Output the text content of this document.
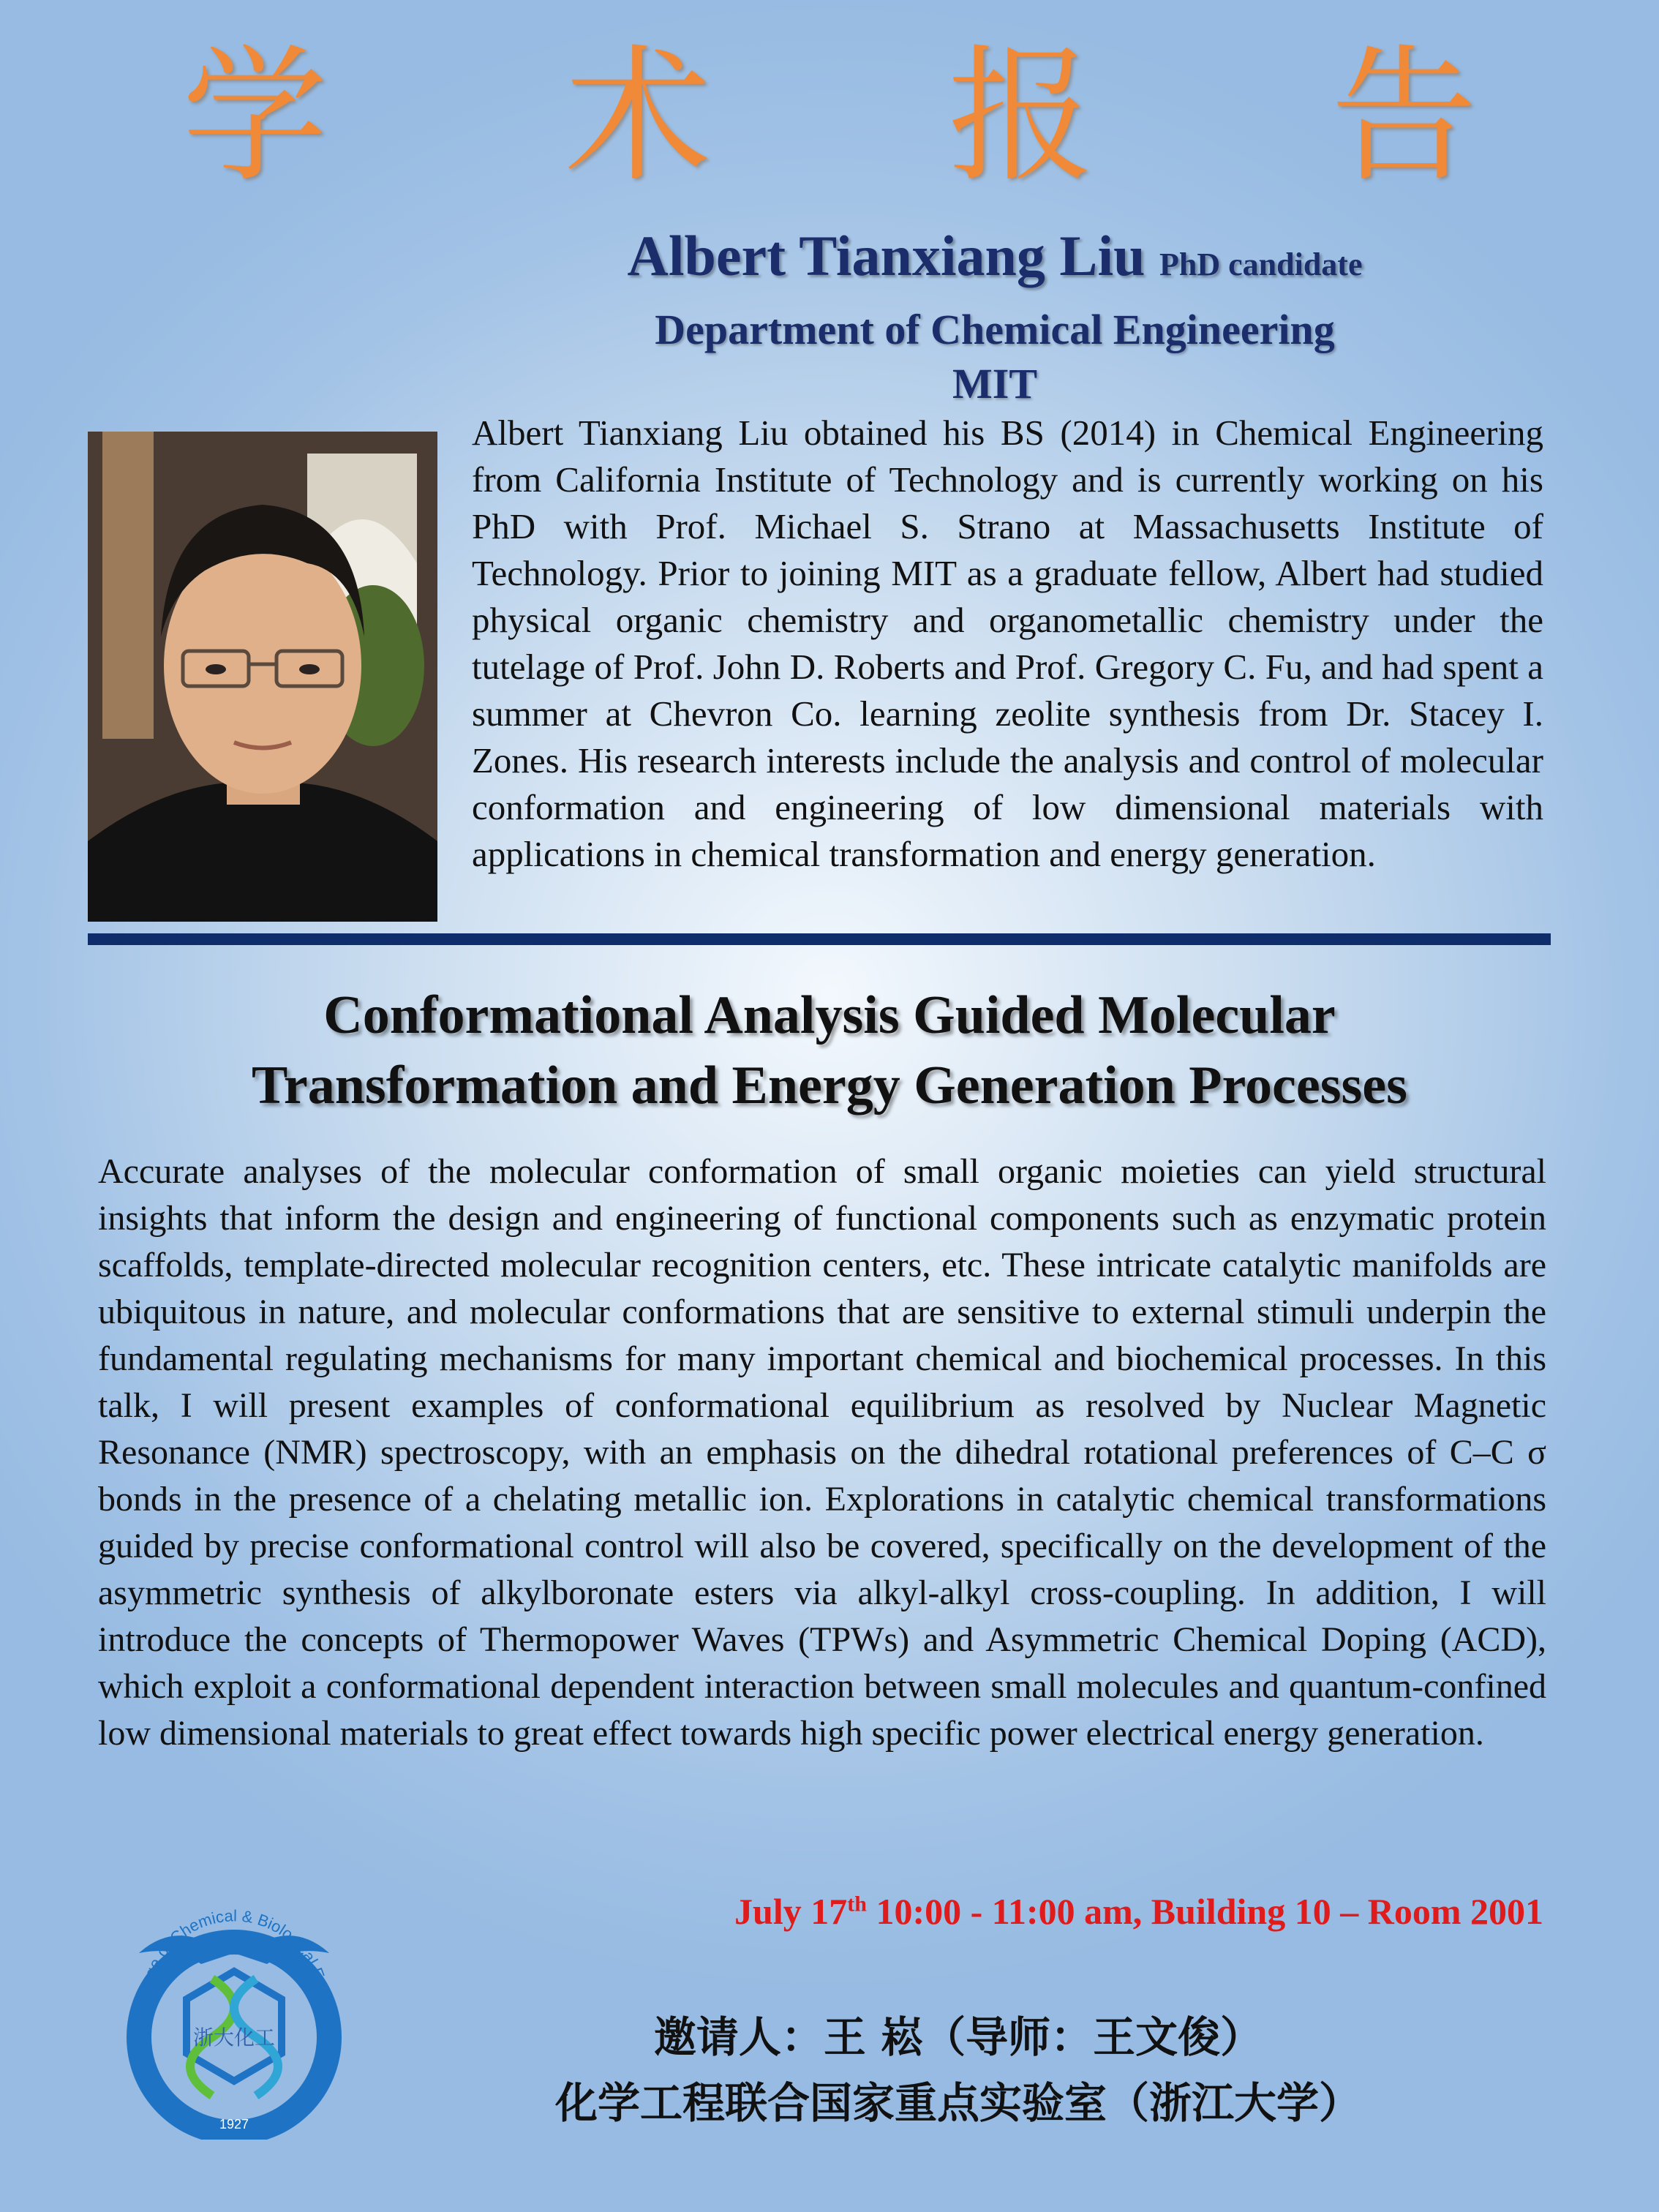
学 术 报 告
Albert Tianxiang Liu PhD candidate
Department of Chemical Engineering
MIT
Albert Tianxiang Liu obtained his BS (2014) in Chemical Engineering from California Institute of Technology and is currently working on his PhD with Prof. Michael S. Strano at Massachusetts Institute of Technology. Prior to joining MIT as a graduate fellow, Albert had studied physical organic chemistry and organometallic chemistry under the tutelage of Prof. John D. Roberts and Prof. Gregory C. Fu, and had spent a summer at Chevron Co. learning zeolite synthesis from Dr. Stacey I. Zones. His research interests include the analysis and control of molecular conformation and engineering of low dimensional materials with applications in chemical transformation and energy generation.
Conformational Analysis Guided Molecular
Transformation and Energy Generation Processes
Accurate analyses of the molecular conformation of small organic moieties can yield structural insights that inform the design and engineering of functional components such as enzymatic protein scaffolds, template-directed molecular recognition centers, etc. These intricate catalytic manifolds are ubiquitous in nature, and molecular conformations that are sensitive to external stimuli underpin the fundamental regulating mechanisms for many important chemical and biochemical processes. In this talk, I will present examples of conformational equilibrium as resolved by Nuclear Magnetic Resonance (NMR) spectroscopy, with an emphasis on the dihedral rotational preferences of C–C σ bonds in the presence of a chelating metallic ion. Explorations in catalytic chemical transformations guided by precise conformational control will also be covered, specifically on the development of the asymmetric synthesis of alkylboronate esters via alkyl-alkyl cross-coupling. In addition, I will introduce the concepts of Thermopower Waves (TPWs) and Asymmetric Chemical Doping (ACD), which exploit a conformational dependent interaction between small molecules and quantum-confined low dimensional materials to great effect towards high specific power electrical energy generation.
July 17th 10:00 - 11:00 am, Building 10 – Room 2001
邀请人：王 崧（导师：王文俊）
化学工程联合国家重点实验室（浙江大学）
College of Chemical & Biological Enginee
1927
浙大化工
